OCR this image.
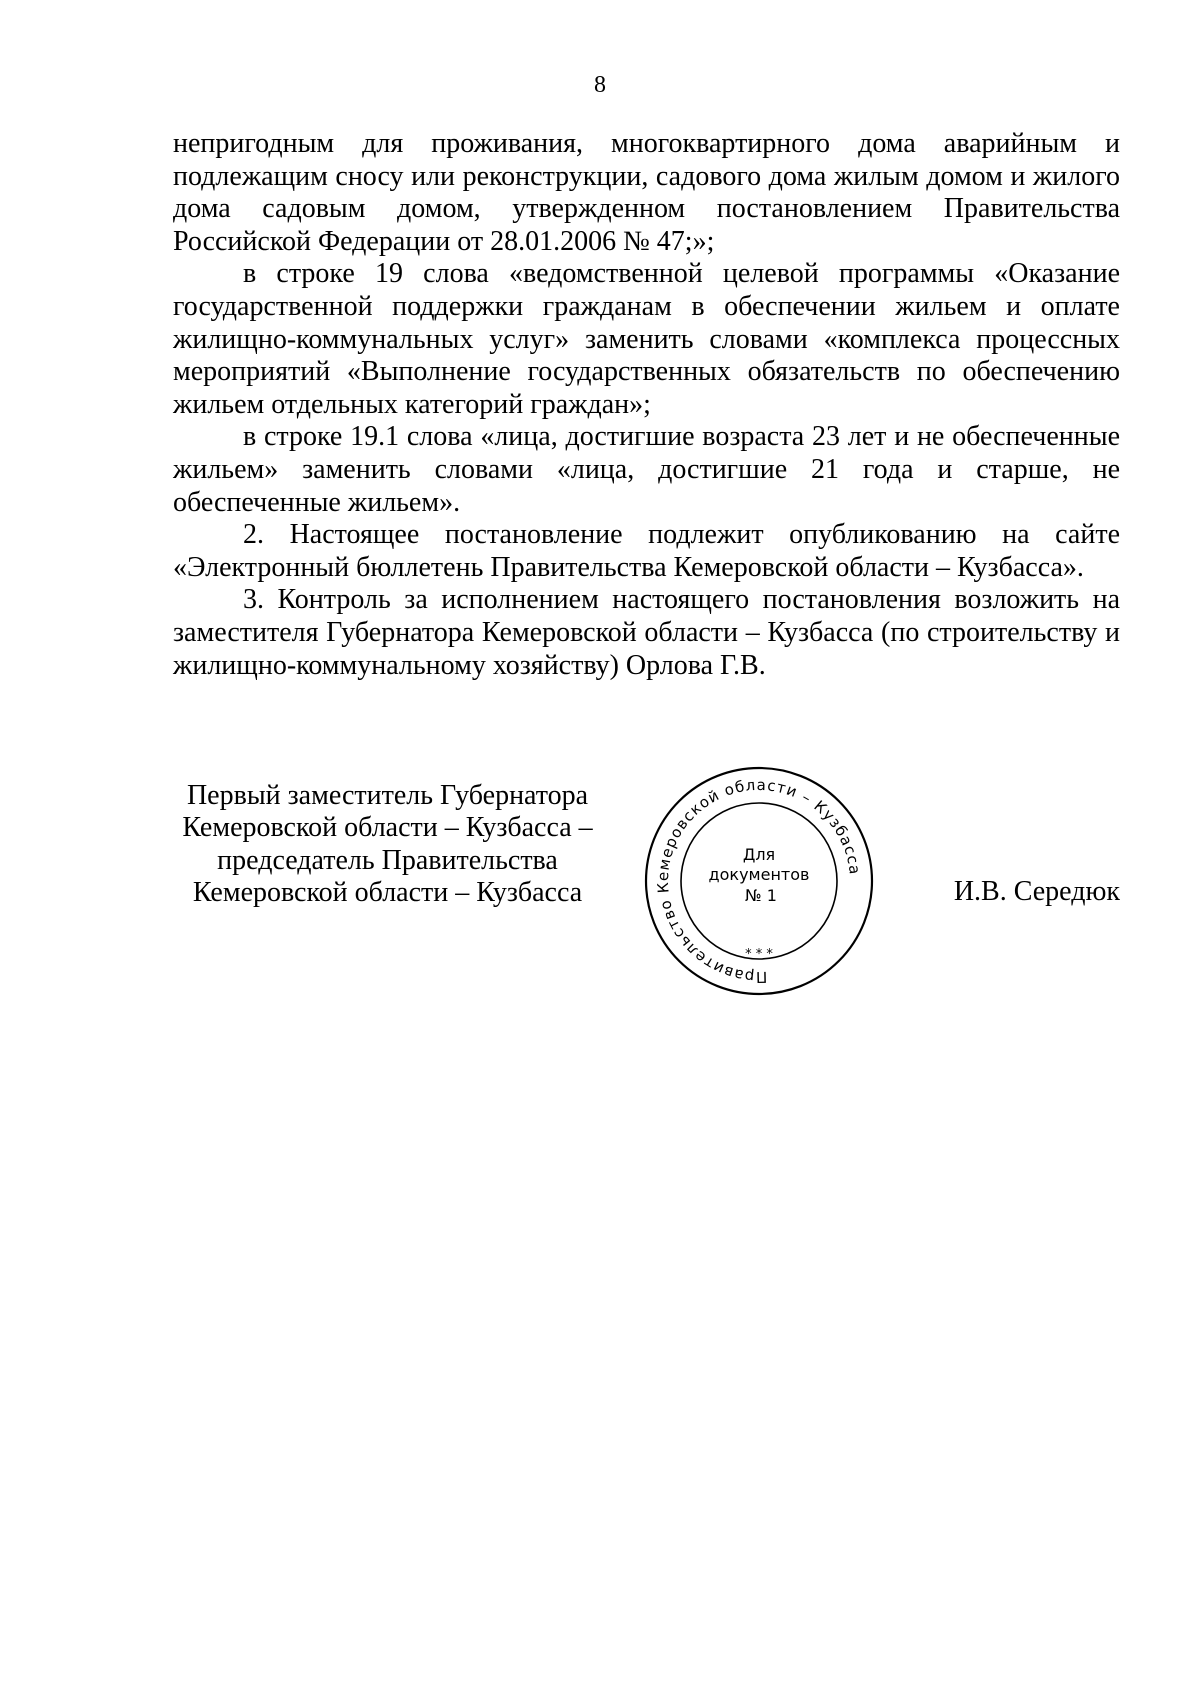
8

непригодным для проживания, многоквартирного дома аварийным и подлежащим сносу или реконструкции, садового дома жилым домом и жилого дома садовым домом, утвержденном постановлением Правительства Российской Федерации от 28.01.2006 № 47;»;

в строке 19 слова «ведомственной целевой программы «Оказание государственной поддержки гражданам в обеспечении жильем и оплате жилищно-коммунальных услуг» заменить словами «комплекса процессных мероприятий «Выполнение государственных обязательств по обеспечению жильем отдельных категорий граждан»;

в строке 19.1 слова «лица, достигшие возраста 23 лет и не обеспеченные жильем» заменить словами «лица, достигшие 21 года и старше, не обеспеченные жильем».

2. Настоящее постановление подлежит опубликованию на сайте «Электронный бюллетень Правительства Кемеровской области – Кузбасса».

3. Контроль за исполнением настоящего постановления возложить на заместителя Губернатора Кемеровской области – Кузбасса (по строительству и жилищно-коммунальному хозяйству) Орлова Г.В.

Первый заместитель Губернатора
Кемеровской области – Кузбасса –
председатель Правительства
Кемеровской области – Кузбасса
Правительство Кемеровской области – Кузбасса
Для
документов
№ 1
* * *
И.В. Середюк
